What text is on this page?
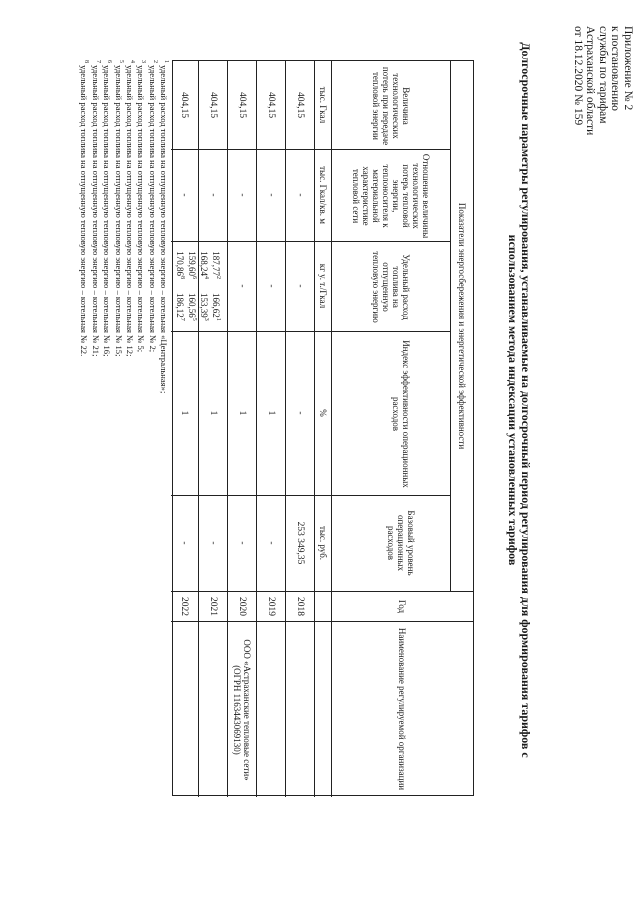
Приложение № 2
к постановлению
службы по тарифам
Астраханской области
от 18.12.2020 № 159
Долгосрочные параметры регулирования, устанавливаемые на долгосрочный период регулирования для формирования тарифов с использованием метода индексации установленных тарифов
Показатели энергосбережения и энергетической эффективности
Величина технологических потерь при передаче тепловой энергии
Отношение величины технологических потерь тепловой энергии, теплоносителя к материальной характеристике тепловой сети
Удельный расход топлива на отпущенную тепловую энергию
Индекс эффективности операционных расходов
Базовый уровень операционных расходов
тыс. Гкал
тыс. Гкал/кв. м
кг у. т./Гкал
%
тыс. руб.
404,15
-
-
-
253 349,35
404,15
-
-
1
-
404,15
-
-
1
-
404,15
-
1
-
404,15
-
1
-
187,77$^2$
168,24$^4$
159,60$^6$
170,86$^8$
166,62$^1$
153,39$^3$
160,56$^5$
186,12$^7$
Год
Наименование регулируемой организации
2018
2019
2020
2021
2022
ООО «Астраханские тепловые сети» (ОГРН 1163443069130)
$^1$ удельный расход топлива на отпущенную тепловую энергию – котельная «Центральная»;
$^2$ удельный расход топлива на отпущенную тепловую энергию – котельная № 2;
$^3$ удельный расход топлива на отпущенную тепловую энергию – котельная № 5;
$^4$ удельный расход топлива на отпущенную тепловую энергию – котельная № 12;
$^5$ удельный расход топлива на отпущенную тепловую энергию – котельная № 15;
$^6$ удельный расход топлива на отпущенную тепловую энергию – котельная № 16;
$^7$ удельный расход топлива на отпущенную тепловую энергию – котельная № 21;
$^8$ удельный расход топлива на отпущенную тепловую энергию – котельная № 22.
